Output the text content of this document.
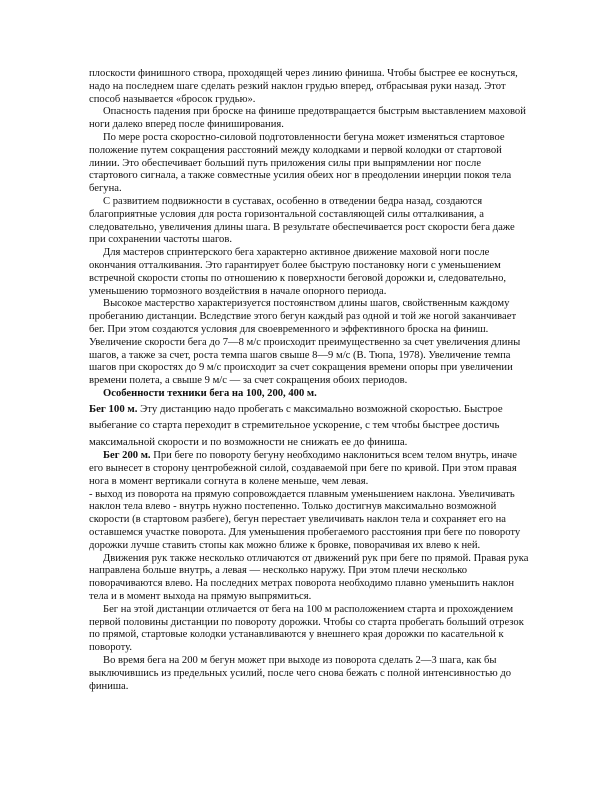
плоскости финишного створа, проходящей через линию финиша. Чтобы быстрее ее коснуться, надо на последнем шаге сделать резкий наклон грудью вперед, отбрасывая руки назад. Этот способ называется «бросок грудью».

Опасность падения при броске на финише предотвращается быстрым выставлением маховой ноги далеко вперед после финиширования.

По мере роста скоростно-силовой подготовленности бегуна может изменяться стартовое положение путем сокращения расстояний между колодками и первой колодки от стартовой линии. Это обеспечивает больший путь приложения силы при выпрямлении ног после стартового сигнала, а также совместные усилия обеих ног в преодолении инерции покоя тела бегуна.

С развитием подвижности в суставах, особенно в отведении бедра назад, создаются благоприятные условия для роста горизонтальной составляющей силы отталкивания, а следовательно, увеличения длины шага. В результате обеспечивается рост скорости бега даже при сохранении частоты шагов.

Для мастеров спринтерского бега характерно активное движение маховой ноги после окончания отталкивания. Это гарантирует более быструю постановку ноги с уменьшением встречной скорости стопы по отношению к поверхности беговой дорожки и, следовательно, уменьшению тормозного воздействия в начале опорного периода.

Высокое мастерство характеризуется постоянством длины шагов, свойственным каждому пробеганию дистанции. Вследствие этого бегун каждый раз одной и той же ногой заканчивает бег. При этом создаются условия для своевременного и эффективного броска на финиш. Увеличение скорости бега до 7—8 м/с происходит преимущественно за счет увеличения длины шагов, а также за счет, роста темпа шагов свыше 8—9 м/с (В. Тюпа, 1978). Увеличение темпа шагов при скоростях до 9 м/с происходит за счет сокращения времени опоры при увеличении времени полета, а свыше 9 м/с — за счет сокращения обоих периодов.

Особенности техники бега на 100, 200, 400 м.

Бег 100 м. Эту дистанцию надо пробегать с максимально возможной скоростью. Быстрое выбегание со старта переходит в стремительное ускорение, с тем чтобы быстрее достичь максимальной скорости и по возможности не снижать ее до финиша.

Бег 200 м. При беге по повороту бегуну необходимо наклониться всем телом внутрь, иначе его вынесет в сторону центробежной силой, создаваемой при беге по кривой. При этом правая нога в момент вертикали согнута в колене меньше, чем левая.

- выход из поворота на прямую сопровождается плавным уменьшением наклона. Увеличивать наклон тела влево - внутрь нужно постепенно. Только достигнув максимально возможной скорости (в стартовом разбеге), бегун перестает увеличивать наклон тела и сохраняет его на оставшемся участке поворота. Для уменьшения пробегаемого расстояния при беге по повороту дорожки лучше ставить стопы как можно ближе к бровке, поворачивая их влево к ней.

Движения рук также несколько отличаются от движений рук при беге по прямой. Правая рука направлена больше внутрь, а левая — несколько наружу. При этом плечи несколько поворачиваются влево. На последних метрах поворота необходимо плавно уменьшить наклон тела и в момент выхода на прямую выпрямиться.

Бег на этой дистанции отличается от бега на 100 м расположением старта и прохождением первой половины дистанции по повороту дорожки. Чтобы со старта пробегать больший отрезок по прямой, стартовые колодки устанавливаются у внешнего края дорожки по касательной к повороту.

Во время бега на 200 м бегун может при выходе из поворота сделать 2—3 шага, как бы выключившись из предельных усилий, после чего снова бежать с полной интенсивностью до финиша.
